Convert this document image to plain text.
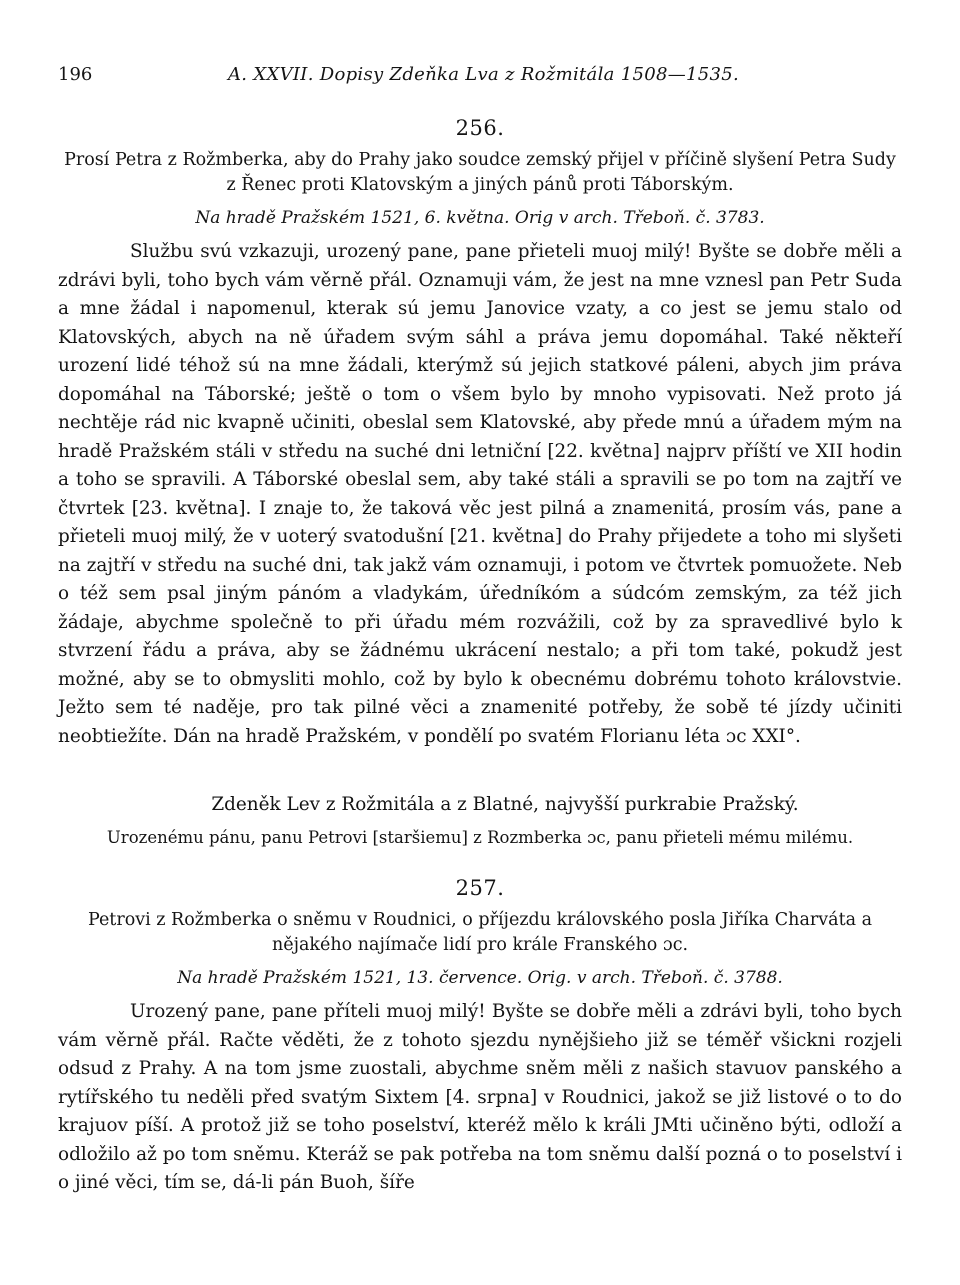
196	A. XXVII. Dopisy Zdeňka Lva z Rožmitála 1508—1535.
256.
Prosí Petra z Rožmberka, aby do Prahy jako soudce zemský přijel v příčině slyšení Petra Sudy z Řenec proti Klatovským a jiných pánů proti Táborským.
Na hradě Pražském 1521, 6. května. Orig v arch. Třeboň. č. 3783.
Službu svú vzkazuji, urozený pane, pane přieteli muoj milý! Byšte se dobře měli a zdrávi byli, toho bych vám věrně přál. Oznamuji vám, že jest na mne vznesl pan Petr Suda a mne žádal i napomenul, kterak sú jemu Janovice vzaty, a co jest se jemu stalo od Klatovských, abych na ně úřadem svým sáhl a práva jemu dopomáhal. Také někteří urození lidé téhož sú na mne žádali, kterýmž sú jejich statkové páleni, abych jim práva dopomáhal na Táborské; ještě o tom o všem bylo by mnoho vypisovati. Než proto já nechtěje rád nic kvapně učiniti, obeslal sem Klatovské, aby přede mnú a úřadem mým na hradě Pražském stáli v středu na suché dni letniční [22. května] najprv příští ve XII hodin a toho se spravili. A Táborské obeslal sem, aby také stáli a spravili se po tom na zajtří ve čtvrtek [23. května]. I znaje to, že taková věc jest pilná a znamenitá, prosím vás, pane a přieteli muoj milý, že v uoterý svatodušní [21. května] do Prahy přijedete a toho mi slyšeti na zajtří v středu na suché dni, tak jakž vám oznamuji, i potom ve čtvrtek pomuožete. Neb o též sem psal jiným pánóm a vladykám, úředníkóm a súdcóm zemským, za též jich žádaje, abychme společně to při úřadu mém rozvážili, což by za spravedlivé bylo k stvrzení řádu a práva, aby se žádnému ukrácení nestalo; a při tom také, pokudž jest možné, aby se to obmysliti mohlo, což by bylo k obecnému dobrému tohoto královstvie. Ježto sem té naděje, pro tak pilné věci a znamenité potřeby, že sobě té jízdy učiniti neobtiežíte. Dán na hradě Pražském, v pondělí po svatém Florianu léta ɔc XXI°.
Zdeněk Lev z Rožmitála a z Blatné, najvyšší purkrabie Pražský.
Urozenému pánu, panu Petrovi [staršiemu] z Rozmberka ɔc, panu přieteli mému milému.
257.
Petrovi z Rožmberka o sněmu v Roudnici, o příjezdu královského posla Jiříka Charváta a nějakého najímače lidí pro krále Franského ɔc.
Na hradě Pražském 1521, 13. července. Orig. v arch. Třeboň. č. 3788.
Urozený pane, pane příteli muoj milý! Byšte se dobře měli a zdrávi byli, toho bych vám věrně přál. Račte věděti, že z tohoto sjezdu nynějšieho již se téměř všickni rozjeli odsud z Prahy. A na tom jsme zuostali, abychme sněm měli z našich stavuov panského a rytířského tu neděli před svatým Sixtem [4. srpna] v Roudnici, jakož se již listové o to do krajuov píší. A protož již se toho poselství, kteréž mělo k králi JMti učiněno býti, odloží a odložilo až po tom sněmu. Kteráž se pak potřeba na tom sněmu další pozná o to poselství i o jiné věci, tím se, dá-li pán Buoh, šíře
